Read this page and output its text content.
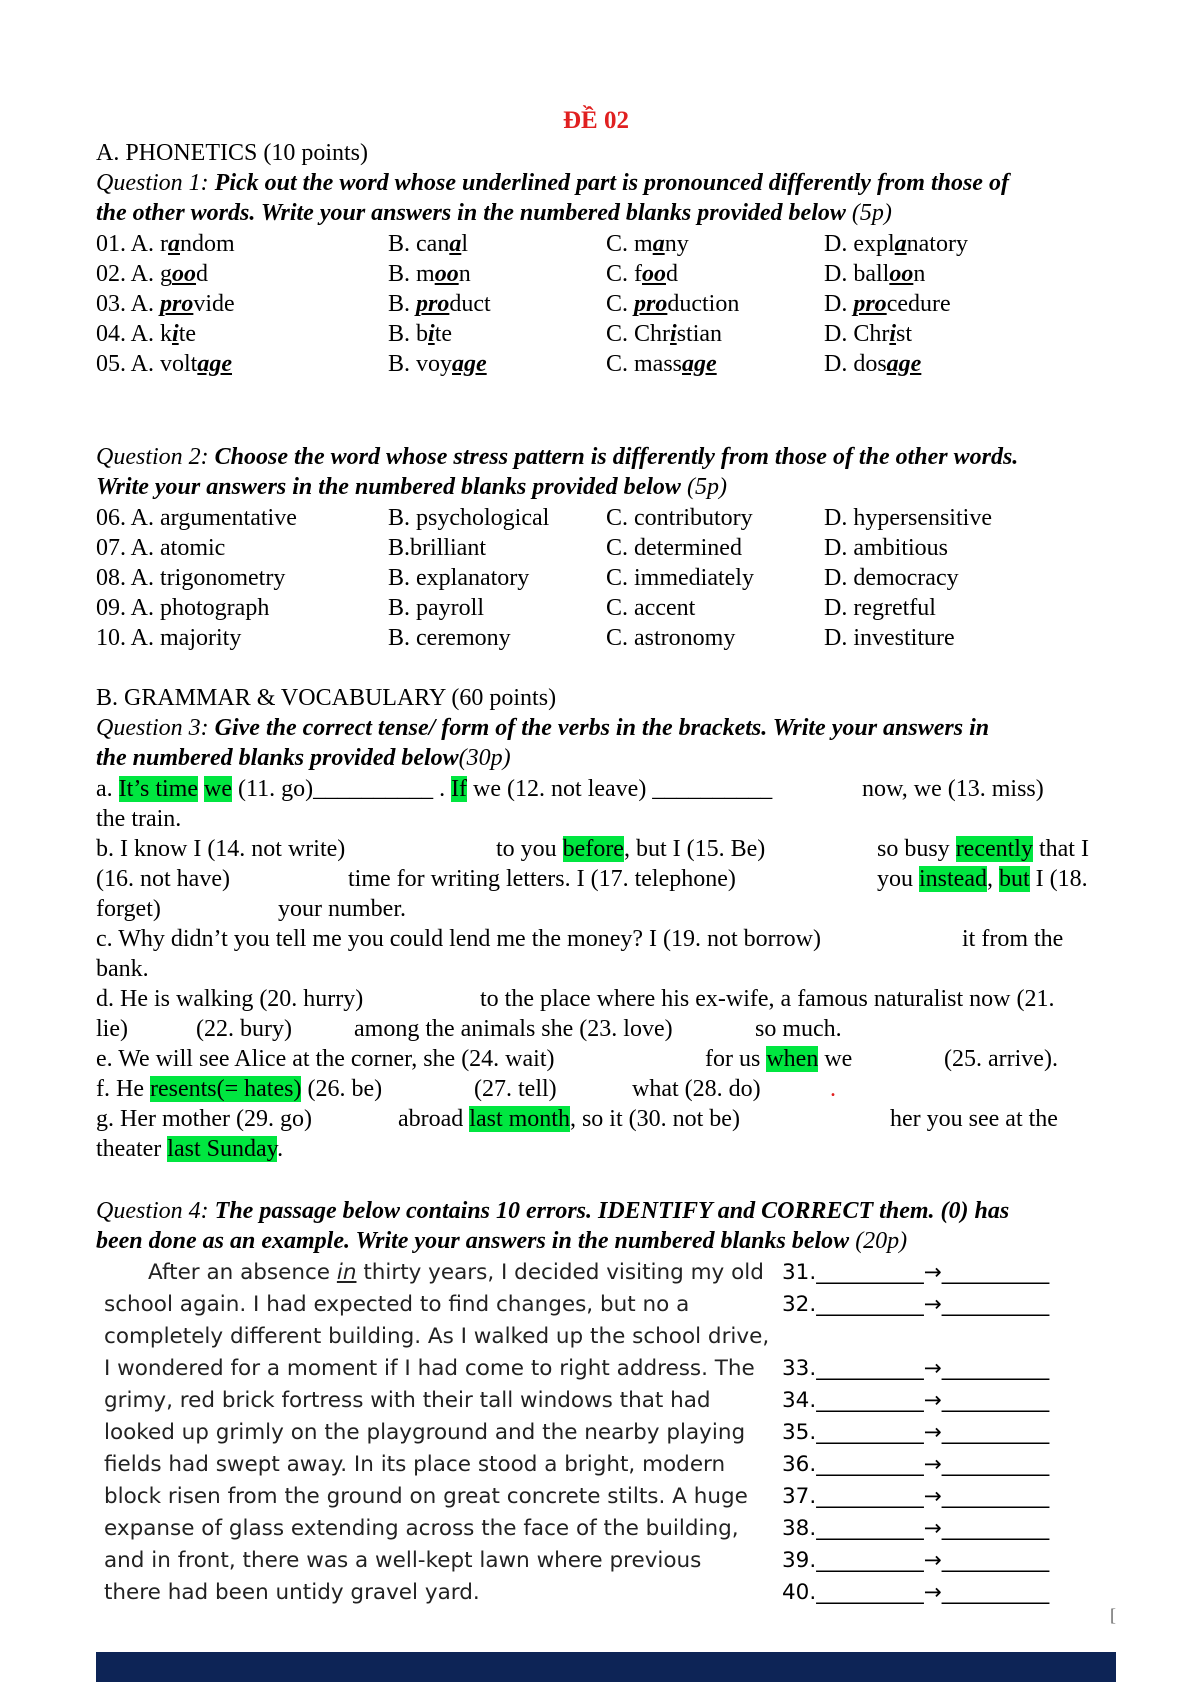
ĐỀ 02
A. PHONETICS (10 points)
Question 1: Pick out the word whose underlined part is pronounced differently from those of
the other words. Write your answers in the numbered blanks provided below (5p)
01. A. random	B. canal	C. many	D. explanatory
02. A. good	B. moon	C. food	D. balloon
03. A. provide	B. product	C. production	D. procedure
04. A. kite	B. bite	C. Christian	D. Christ
05. A. voltage	B. voyage	C. massage	D. dosage
Question 2: Choose the word whose stress pattern is differently from those of the other words.
Write your answers in the numbered blanks provided below (5p)
06. A. argumentative	B. psychological C. contributory	D. hypersensitive
07. A. atomic	B.brilliant	C. determined	D. ambitious
08. A. trigonometry	B. explanatory	C. immediately	D. democracy
09. A. photograph	B. payroll	C. accent	D. regretful
10. A. majority	B. ceremony	C. astronomy	D. investiture
B. GRAMMAR & VOCABULARY (60 points)
Question 3: Give the correct tense/ form of the verbs in the brackets. Write your answers in
the numbered blanks provided below(30p)
a. It’s time we (11. go)__________ . If we (12. not leave) __________	now, we (13. miss)
the train.
b. I know I (14. not write)	to you before, but I (15. Be)	so busy recently that I
(16. not have)	time for writing letters. I (17. telephone)	you instead, but I (18.
forget)	your number.
c. Why didn’t you tell me you could lend me the money? I (19. not borrow)	it from the
bank.
d. He is walking (20. hurry)	to the place where his ex-wife, a famous naturalist now (21.
lie)	(22. bury)	among the animals she (23. love)	so much.
e. We will see Alice at the corner, she (24. wait)	for us when we	(25. arrive).
f. He resents(= hates) (26. be)	(27. tell)	what (28. do)	.
g. Her mother (29. go)	abroad last month, so it (30. not be)	her you see at the
theater last Sunday.
Question 4: The passage below contains 10 errors. IDENTIFY and CORRECT them. (0) has
been done as an example. Write your answers in the numbered blanks below (20p)
After an absence in thirty years, I decided visiting my old
school again. I had expected to find changes, but no a
completely different building. As I walked up the school drive,
I wondered for a moment if I had come to right address. The
grimy, red brick fortress with their tall windows that had
looked up grimly on the playground and the nearby playing
fields had swept away. In its place stood a bright, modern
block risen from the ground on great concrete stilts. A huge
expanse of glass extending across the face of the building,
and in front, there was a well-kept lawn where previous
there had been untidy gravel yard.
31.__________→__________
32.__________→__________
33.__________→__________
34.__________→__________
35.__________→__________
36.__________→__________
37.__________→__________
38.__________→__________
39.__________→__________
40.__________→__________
[
